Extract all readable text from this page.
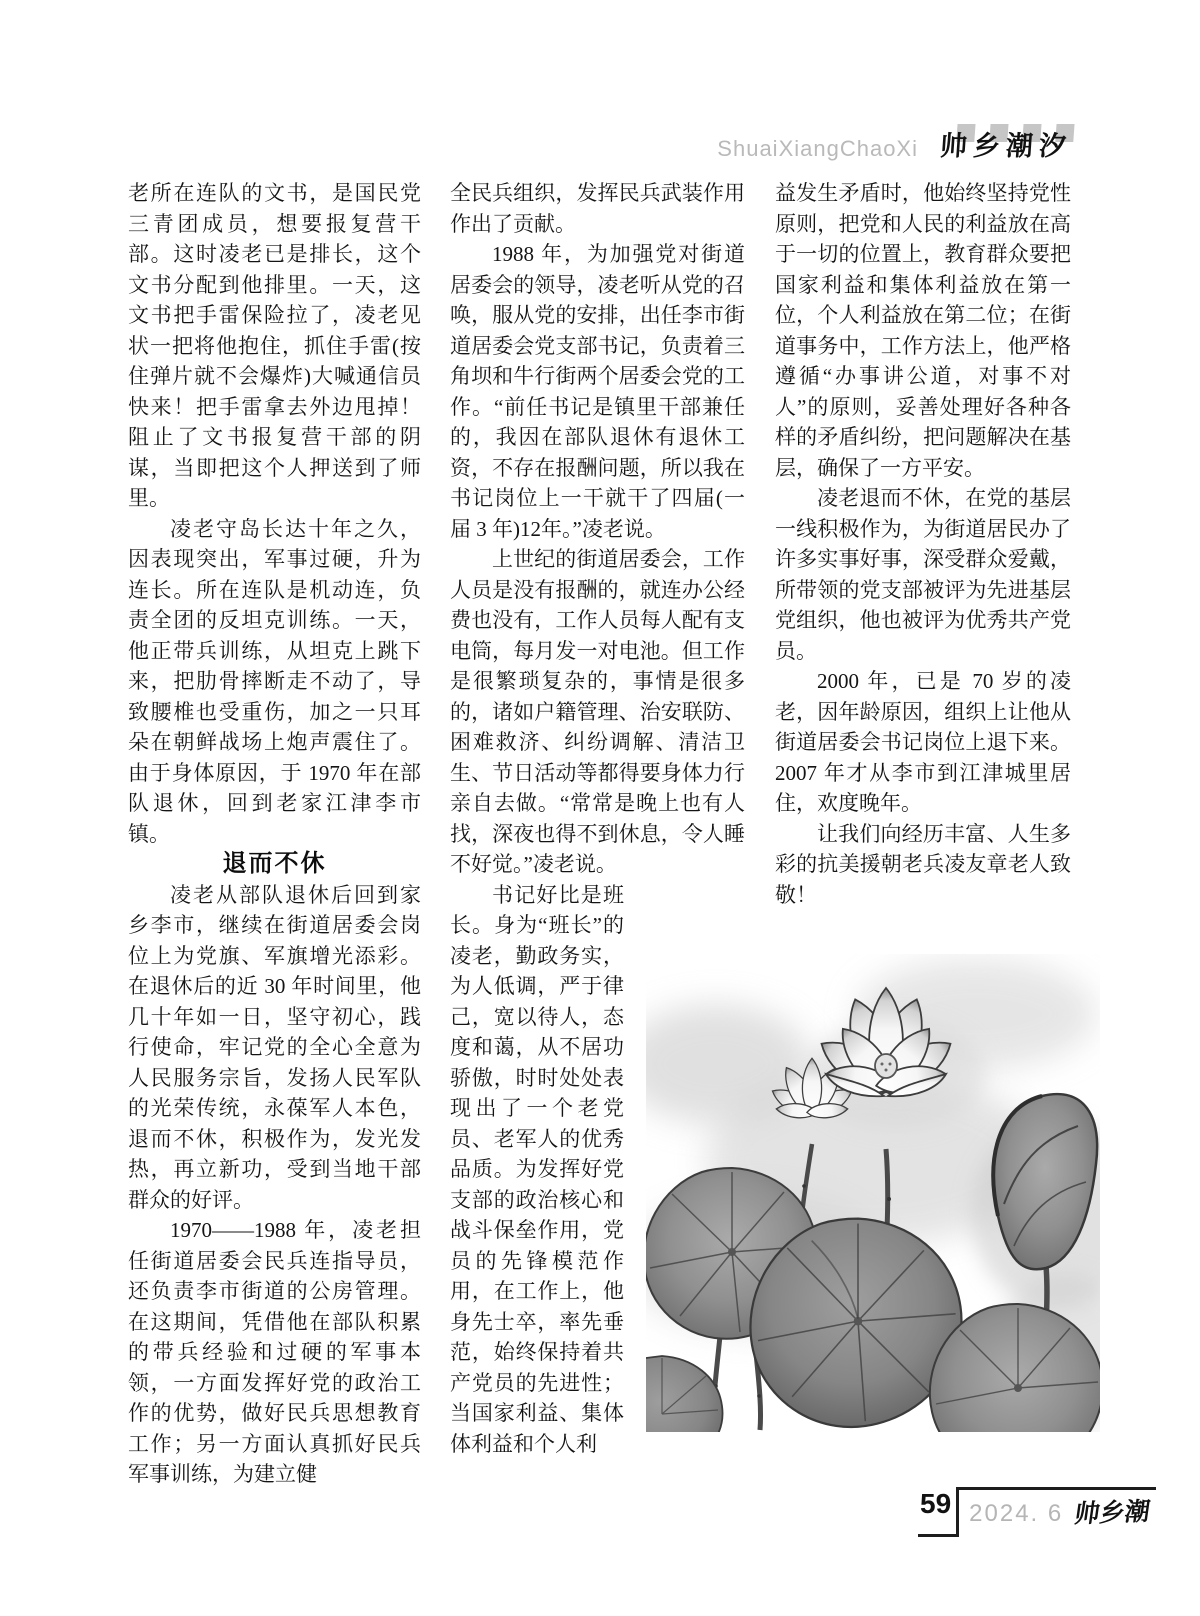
ShuaiXiangChaoXi 帅 乡 潮 汐

老所在连队的文书，是国民党三青团成员，想要报复营干部。这时凌老已是排长，这个文书分配到他排里。一天，这文书把手雷保险拉了，凌老见状一把将他抱住，抓住手雷(按住弹片就不会爆炸)大喊通信员快来！把手雷拿去外边甩掉！阻止了文书报复营干部的阴谋，当即把这个人押送到了师里。

凌老守岛长达十年之久，因表现突出，军事过硬，升为连长。所在连队是机动连，负责全团的反坦克训练。一天，他正带兵训练，从坦克上跳下来，把肋骨摔断走不动了，导致腰椎也受重伤，加之一只耳朵在朝鲜战场上炮声震住了。由于身体原因，于 1970 年在部队退休，回到老家江津李市镇。

退而不休

凌老从部队退休后回到家乡李市，继续在街道居委会岗位上为党旗、军旗增光添彩。在退休后的近 30 年时间里，他几十年如一日，坚守初心，践行使命，牢记党的全心全意为人民服务宗旨，发扬人民军队的光荣传统，永葆军人本色，退而不休，积极作为，发光发热，再立新功，受到当地干部群众的好评。

1970——1988 年，凌老担任街道居委会民兵连指导员，还负责李市街道的公房管理。在这期间，凭借他在部队积累的带兵经验和过硬的军事本领，一方面发挥好党的政治工作的优势，做好民兵思想教育工作；另一方面认真抓好民兵军事训练，为建立健

全民兵组织，发挥民兵武装作用作出了贡献。

1988 年，为加强党对街道居委会的领导，凌老听从党的召唤，服从党的安排，出任李市街道居委会党支部书记，负责着三角坝和牛行街两个居委会党的工作。“前任书记是镇里干部兼任的，我因在部队退休有退休工资，不存在报酬问题，所以我在书记岗位上一干就干了四届(一届 3 年)12年。”凌老说。

上世纪的街道居委会，工作人员是没有报酬的，就连办公经费也没有，工作人员每人配有支电筒，每月发一对电池。但工作是很繁琐复杂的，事情是很多的，诸如户籍管理、治安联防、困难救济、纠纷调解、清洁卫生、节日活动等都得要身体力行亲自去做。“常常是晚上也有人找，深夜也得不到休息，令人睡不好觉。”凌老说。

书记好比是班长。身为“班长”的凌老，勤政务实，为人低调，严于律己，宽以待人，态度和蔼，从不居功骄傲，时时处处表现出了一个老党员、老军人的优秀品质。为发挥好党支部的政治核心和战斗保垒作用，党员的先锋模范作用，在工作上，他身先士卒，率先垂范，始终保持着共产党员的先进性；当国家利益、集体体利益和个人利

益发生矛盾时，他始终坚持党性原则，把党和人民的利益放在高于一切的位置上，教育群众要把国家利益和集体利益放在第一位，个人利益放在第二位；在街道事务中，工作方法上，他严格遵循“办事讲公道，对事不对人”的原则，妥善处理好各种各样的矛盾纠纷，把问题解决在基层，确保了一方平安。

凌老退而不休，在党的基层一线积极作为，为街道居民办了许多实事好事，深受群众爱戴，所带领的党支部被评为先进基层党组织，他也被评为优秀共产党员。

2000 年，已是 70 岁的凌老，因年龄原因，组织上让他从街道居委会书记岗位上退下来。2007 年才从李市到江津城里居住，欢度晚年。

让我们向经历丰富、人生多彩的抗美援朝老兵凌友章老人致敬！

59 2024. 6 帅乡潮
